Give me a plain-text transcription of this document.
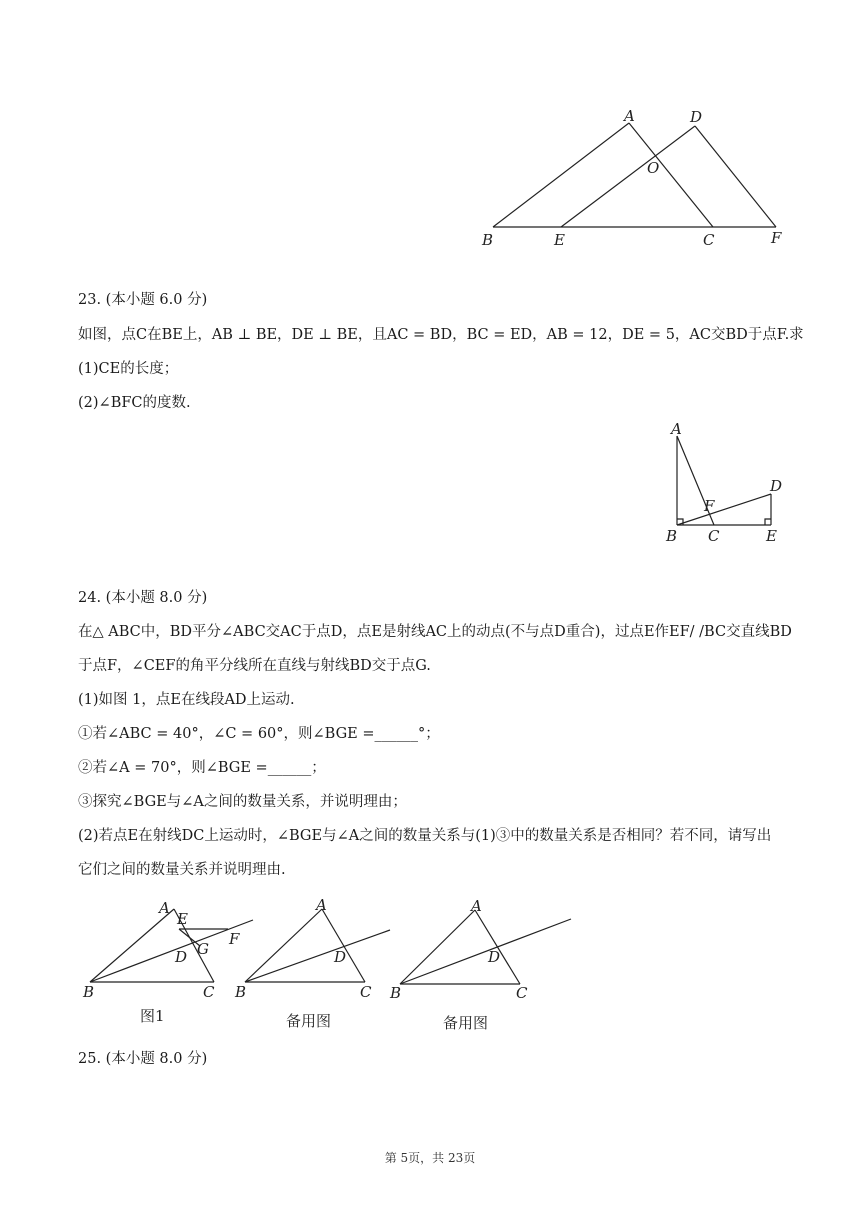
A	D
O
B	E	C	F
23. (本小题 6.0 分)
如图，点C在BE上，AB ⊥ BE，DE ⊥ BE，且AC = BD，BC = ED，AB = 12，DE = 5，AC交BD于点F.求
(1)CE的长度；
(2)∠BFC的度数.
A
D
F
B C	E
24. (本小题 8.0 分)
在△ ABC中，BD平分∠ABC交AC于点D，点E是射线AC上的动点(不与点D重合)，过点E作EF/ /BC交直线BD
于点F，∠CEF的角平分线所在直线与射线BD交于点G.
(1)如图 1，点E在线段AD上运动.
①若∠ABC = 40°，∠C = 60°，则∠BGE =______°；
②若∠A = 70°，则∠BGE =______；
③探究∠BGE与∠A之间的数量关系，并说明理由；
(2)若点E在射线DC上运动时，∠BGE与∠A之间的数量关系与(1)③中的数量关系是否相同？若不同，请写出
它们之间的数量关系并说明理由.
A
E
F
G
D
B	C
图1
A
D
B	C
备用图
A
D
B	C
备用图
25. (本小题 8.0 分)
第 5页，共 23页
